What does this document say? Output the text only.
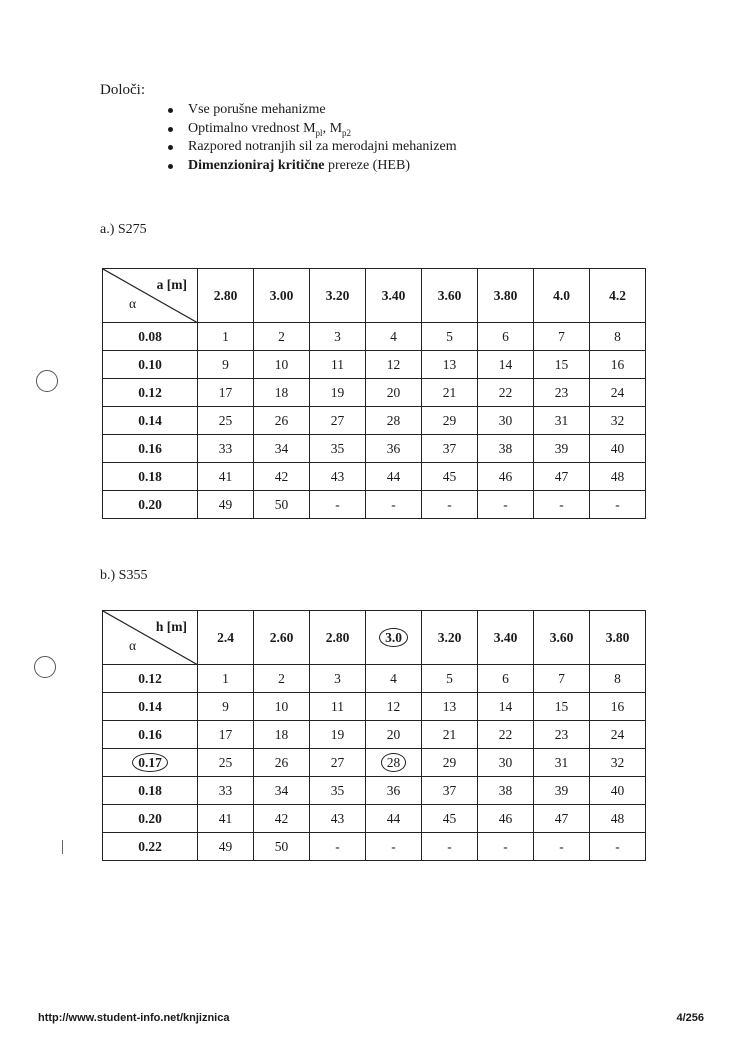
Določi:
Vse porušne mehanizme
Optimalno vrednost $M_{pl}$, $M_{p2}$
Razpored notranjih sil za merodajni mehanizem
Dimenzioniraj kritične prereze (HEB)
a.) S275
a [m]
α	2.80	3.00	3.20	3.40	3.60	3.80	4.0	4.2
0.08	1	2	3	4	5	6	7	8
0.10	9	10	11	12	13	14	15	16
0.12	17	18	19	20	21	22	23	24
0.14	25	26	27	28	29	30	31	32
0.16	33	34	35	36	37	38	39	40
0.18	41	42	43	44	45	46	47	48
0.20	49	50	-	-	-	-	-	-
b.) S355
h [m]
α	2.4	2.60	2.80	3.0	3.20	3.40	3.60	3.80
0.12	1	2	3	4	5	6	7	8
0.14	9	10	11	12	13	14	15	16
0.16	17	18	19	20	21	22	23	24
0.17	25	26	27	28	29	30	31	32
0.18	33	34	35	36	37	38	39	40
0.20	41	42	43	44	45	46	47	48
0.22	49	50	-	-	-	-	-	-
http://www.student-info.net/knjiznica	4/256
